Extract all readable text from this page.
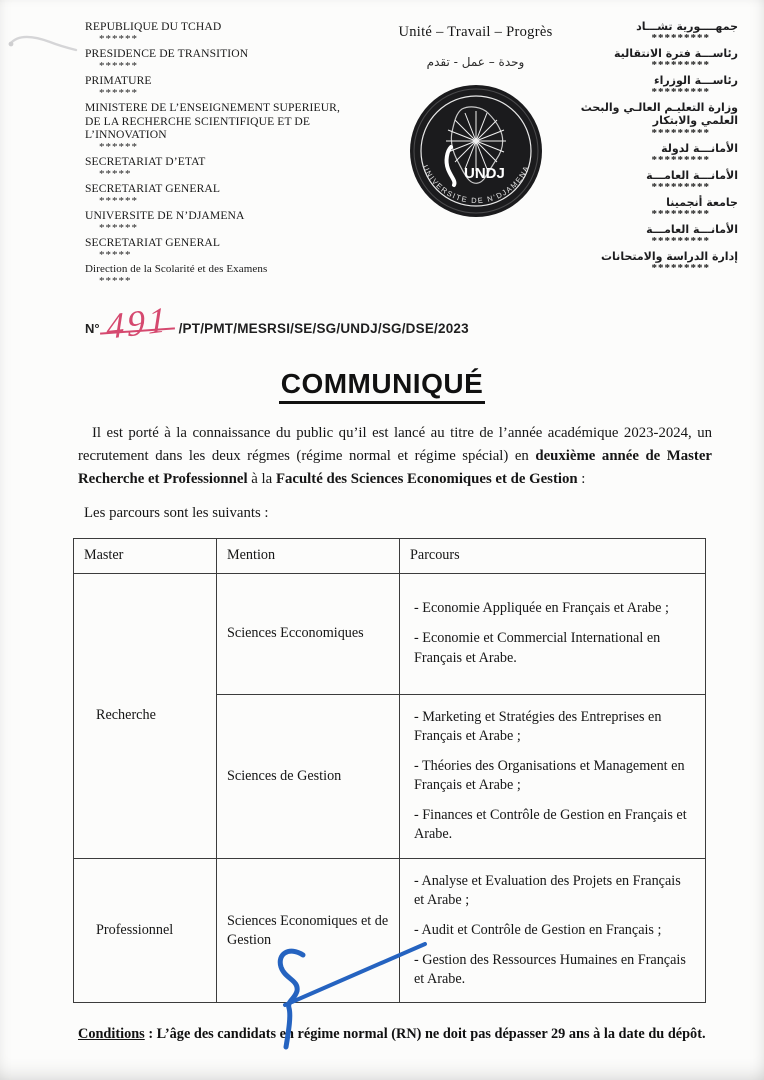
REPUBLIQUE DU TCHAD
******
PRESIDENCE DE TRANSITION
******
PRIMATURE
******
MINISTERE DE L’ENSEIGNEMENT SUPERIEUR, DE LA RECHERCHE SCIENTIFIQUE ET DE L’INNOVATION
******
SECRETARIAT D’ETAT
*****
SECRETARIAT GENERAL
******
UNIVERSITE DE N’DJAMENA
******
SECRETARIAT GENERAL
*****
Direction de la Scolarité et des Examens
*****
Unité – Travail – Progrès
وحدة – عمل - تقدم
UNDJ
UNIVERSITE DE N’DJAMENA
جمهــــورية تشـــاد
*********
رئاســـة فترة الانتقالية
*********
رئاســـة الوزراء
*********
وزارة التعليـم العالـي والبحث العلمي والابتكار
*********
الأمانـــة لدولة
*********
الأمانـــة العامـــة
*********
جامعة أنجمينا
*********
الأمانـــة العامـــة
*********
إدارة الدراسة والامتحانات
*********
N° 491 /PT/PMT/MESRSI/SE/SG/UNDJ/SG/DSE/2023
COMMUNIQUÉ

Il est porté à la connaissance du public qu’il est lancé au titre de l’année académique 2023-2024, un recrutement dans les deux régmes (régime normal et régime spécial) en deuxième année de Master Recherche et Professionnel à la Faculté des Sciences Economiques et de Gestion :

Les parcours sont les suivants :

Master	Mention	Parcours
Recherche	Sciences Ecconomiques	- Economie Appliquée en Français et Arabe ;

- Economie et Commercial International en Français et Arabe.

	Sciences de Gestion	- Marketing et Stratégies des Entreprises en Français et Arabe ;

- Théories des Organisations et Management en Français et Arabe ;

- Finances et Contrôle de Gestion en Français et Arabe.

Professionnel	Sciences Economiques et de Gestion	- Analyse et Evaluation des Projets en Français et Arabe ;

- Audit et Contrôle de Gestion en Français ;

- Gestion des Ressources Humaines en Français et Arabe.

Conditions : L’âge des candidats en régime normal (RN) ne doit pas dépasser 29 ans à la date du dépôt.
